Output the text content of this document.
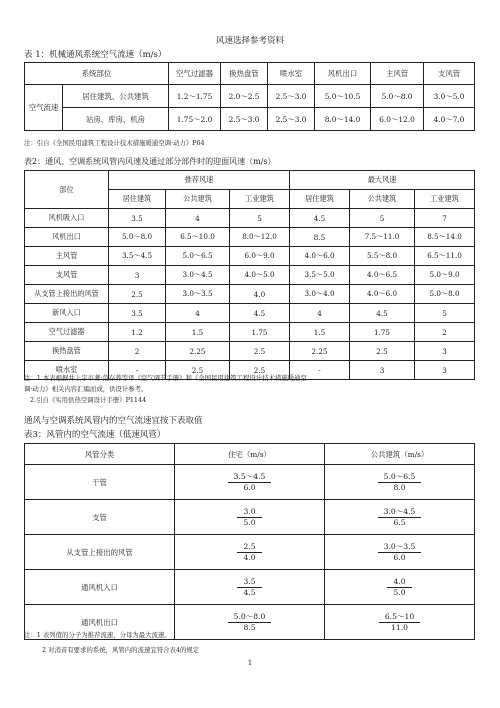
风速选择参考资料
表 1：机械通风系统空气流速（m/s）
系统部位		空气过滤器	换热盘管	喷水室	风机出口	主风管	支风管
空气流速	居住建筑、公共建筑	1.2～1.75	2.0～2.5	2.5～3.0	5.0～10.5	5.0～8.0	3.0～5.0
	站房、库房、机房	1.75～2.0	2.5～3.0	2.5～3.0	8.0～14.0	6.0～12.0	4.0～7.0
注：引自《全国民用建筑工程设计技术措施暖通空调·动力》P64
表2：通风、空调系统风管内风速及通过部分部件时的迎面风速（m/s）
部位	推荐风速			最大风速		
	居住建筑	公共建筑	工业建筑	居住建筑	公共建筑	工业建筑
风机吸入口	3.5	4	5	4.5	5	7
风机出口	5.0～8.0	6.5～10.0	8.0～12.0	8.5	7.5～11.0	8.5～14.0
主风管	3.5～4.5	5.0～6.5	6.0～9.0	4.0～6.0	5.5～8.0	6.5～11.0
支风管	3	3.0～4.5	4.0～5.0	3.5～5.0	4.0～6.5	5.0～9.0
从支管上接出的风管	2.5	3.0～3.5	4.0	3.0～4.0	4.0～6.0	5.0～8.0
新风入口	3.5	4	4.5	4	4.5	5
空气过滤器	1.2	1.5	1.75	1.5	1.75	2
换热盘管	2	2.25	2.5	2.25	2.5	3
喷水室	-	2.5	2.5	-	3	3
注：1.本表根据井上宇市著·范存养等译《空气调节手册》和《全国民用建筑工程设计技术措施暖通空
调·动力》相关内容汇编而成，供设计参考。
2.引自《实用供热空调设计手册》P1144
通风与空调系统风管内的空气流速宜按下表取值
表3：风管内的空气流速（低速风管）
风管分类	住宅（m/s）	公共建筑（m/s）
干管	$\frac{3.5\sim 4.5}{6.0}$	$\frac{5.0\sim 6.5}{8.0}$

支管	$\frac{3.0}{5.0}$	$\frac{3.0\sim 4.5}{6.5}$

从支管上接出的风管	$\frac{2.5}{4.0}$	$\frac{3.0\sim 3.5}{6.0}$

通风机入口	$\frac{3.5}{4.5}$	$\frac{4.0}{5.0}$

通风机出口	$\frac{5.0\sim 8.0}{8.5}$	$\frac{6.5\sim 10}{11.0}$
注：1 表列值的分子为推荐流速，分母为最大流速。
2 对消音有要求的系统，风管内的流速宜符合表4的规定
1
